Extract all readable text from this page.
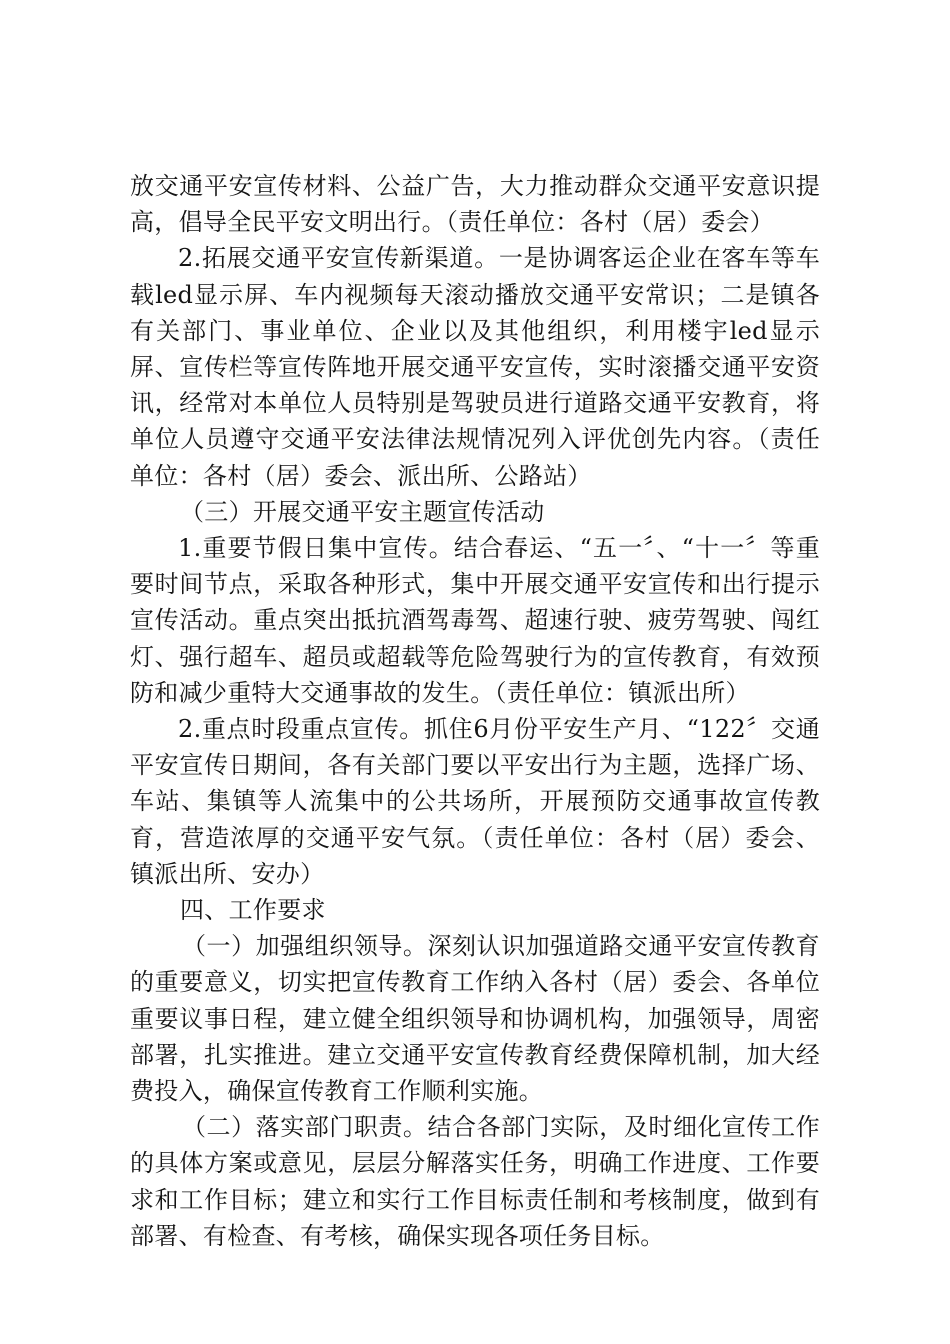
放交通平安宣传材料、公益广告，大力推动群众交通平安意识提高，倡导全民平安文明出行。（责任单位：各村（居）委会）

2.拓展交通平安宣传新渠道。一是协调客运企业在客车等车载led显示屏、车内视频每天滚动播放交通平安常识；二是镇各有关部门、事业单位、企业以及其他组织，利用楼宇led显示屏、宣传栏等宣传阵地开展交通平安宣传，实时滚播交通平安资讯，经常对本单位人员特别是驾驶员进行道路交通平安教育，将单位人员遵守交通平安法律法规情况列入评优创先内容。（责任单位：各村（居）委会、派出所、公路站）

（三）开展交通平安主题宣传活动

1.重要节假日集中宣传。结合春运、“五一〞、“十一〞等重要时间节点，采取各种形式，集中开展交通平安宣传和出行提示宣传活动。重点突出抵抗酒驾毒驾、超速行驶、疲劳驾驶、闯红灯、强行超车、超员或超载等危险驾驶行为的宣传教育，有效预防和减少重特大交通事故的发生。（责任单位：镇派出所）

2.重点时段重点宣传。抓住6月份平安生产月、“122〞交通平安宣传日期间，各有关部门要以平安出行为主题，选择广场、车站、集镇等人流集中的公共场所，开展预防交通事故宣传教育，营造浓厚的交通平安气氛。（责任单位：各村（居）委会、镇派出所、安办）

四、工作要求

（一）加强组织领导。深刻认识加强道路交通平安宣传教育的重要意义，切实把宣传教育工作纳入各村（居）委会、各单位重要议事日程，建立健全组织领导和协调机构，加强领导，周密部署，扎实推进。建立交通平安宣传教育经费保障机制，加大经费投入，确保宣传教育工作顺利实施。

（二）落实部门职责。结合各部门实际，及时细化宣传工作的具体方案或意见，层层分解落实任务，明确工作进度、工作要求和工作目标；建立和实行工作目标责任制和考核制度，做到有部署、有检查、有考核，确保实现各项任务目标。
